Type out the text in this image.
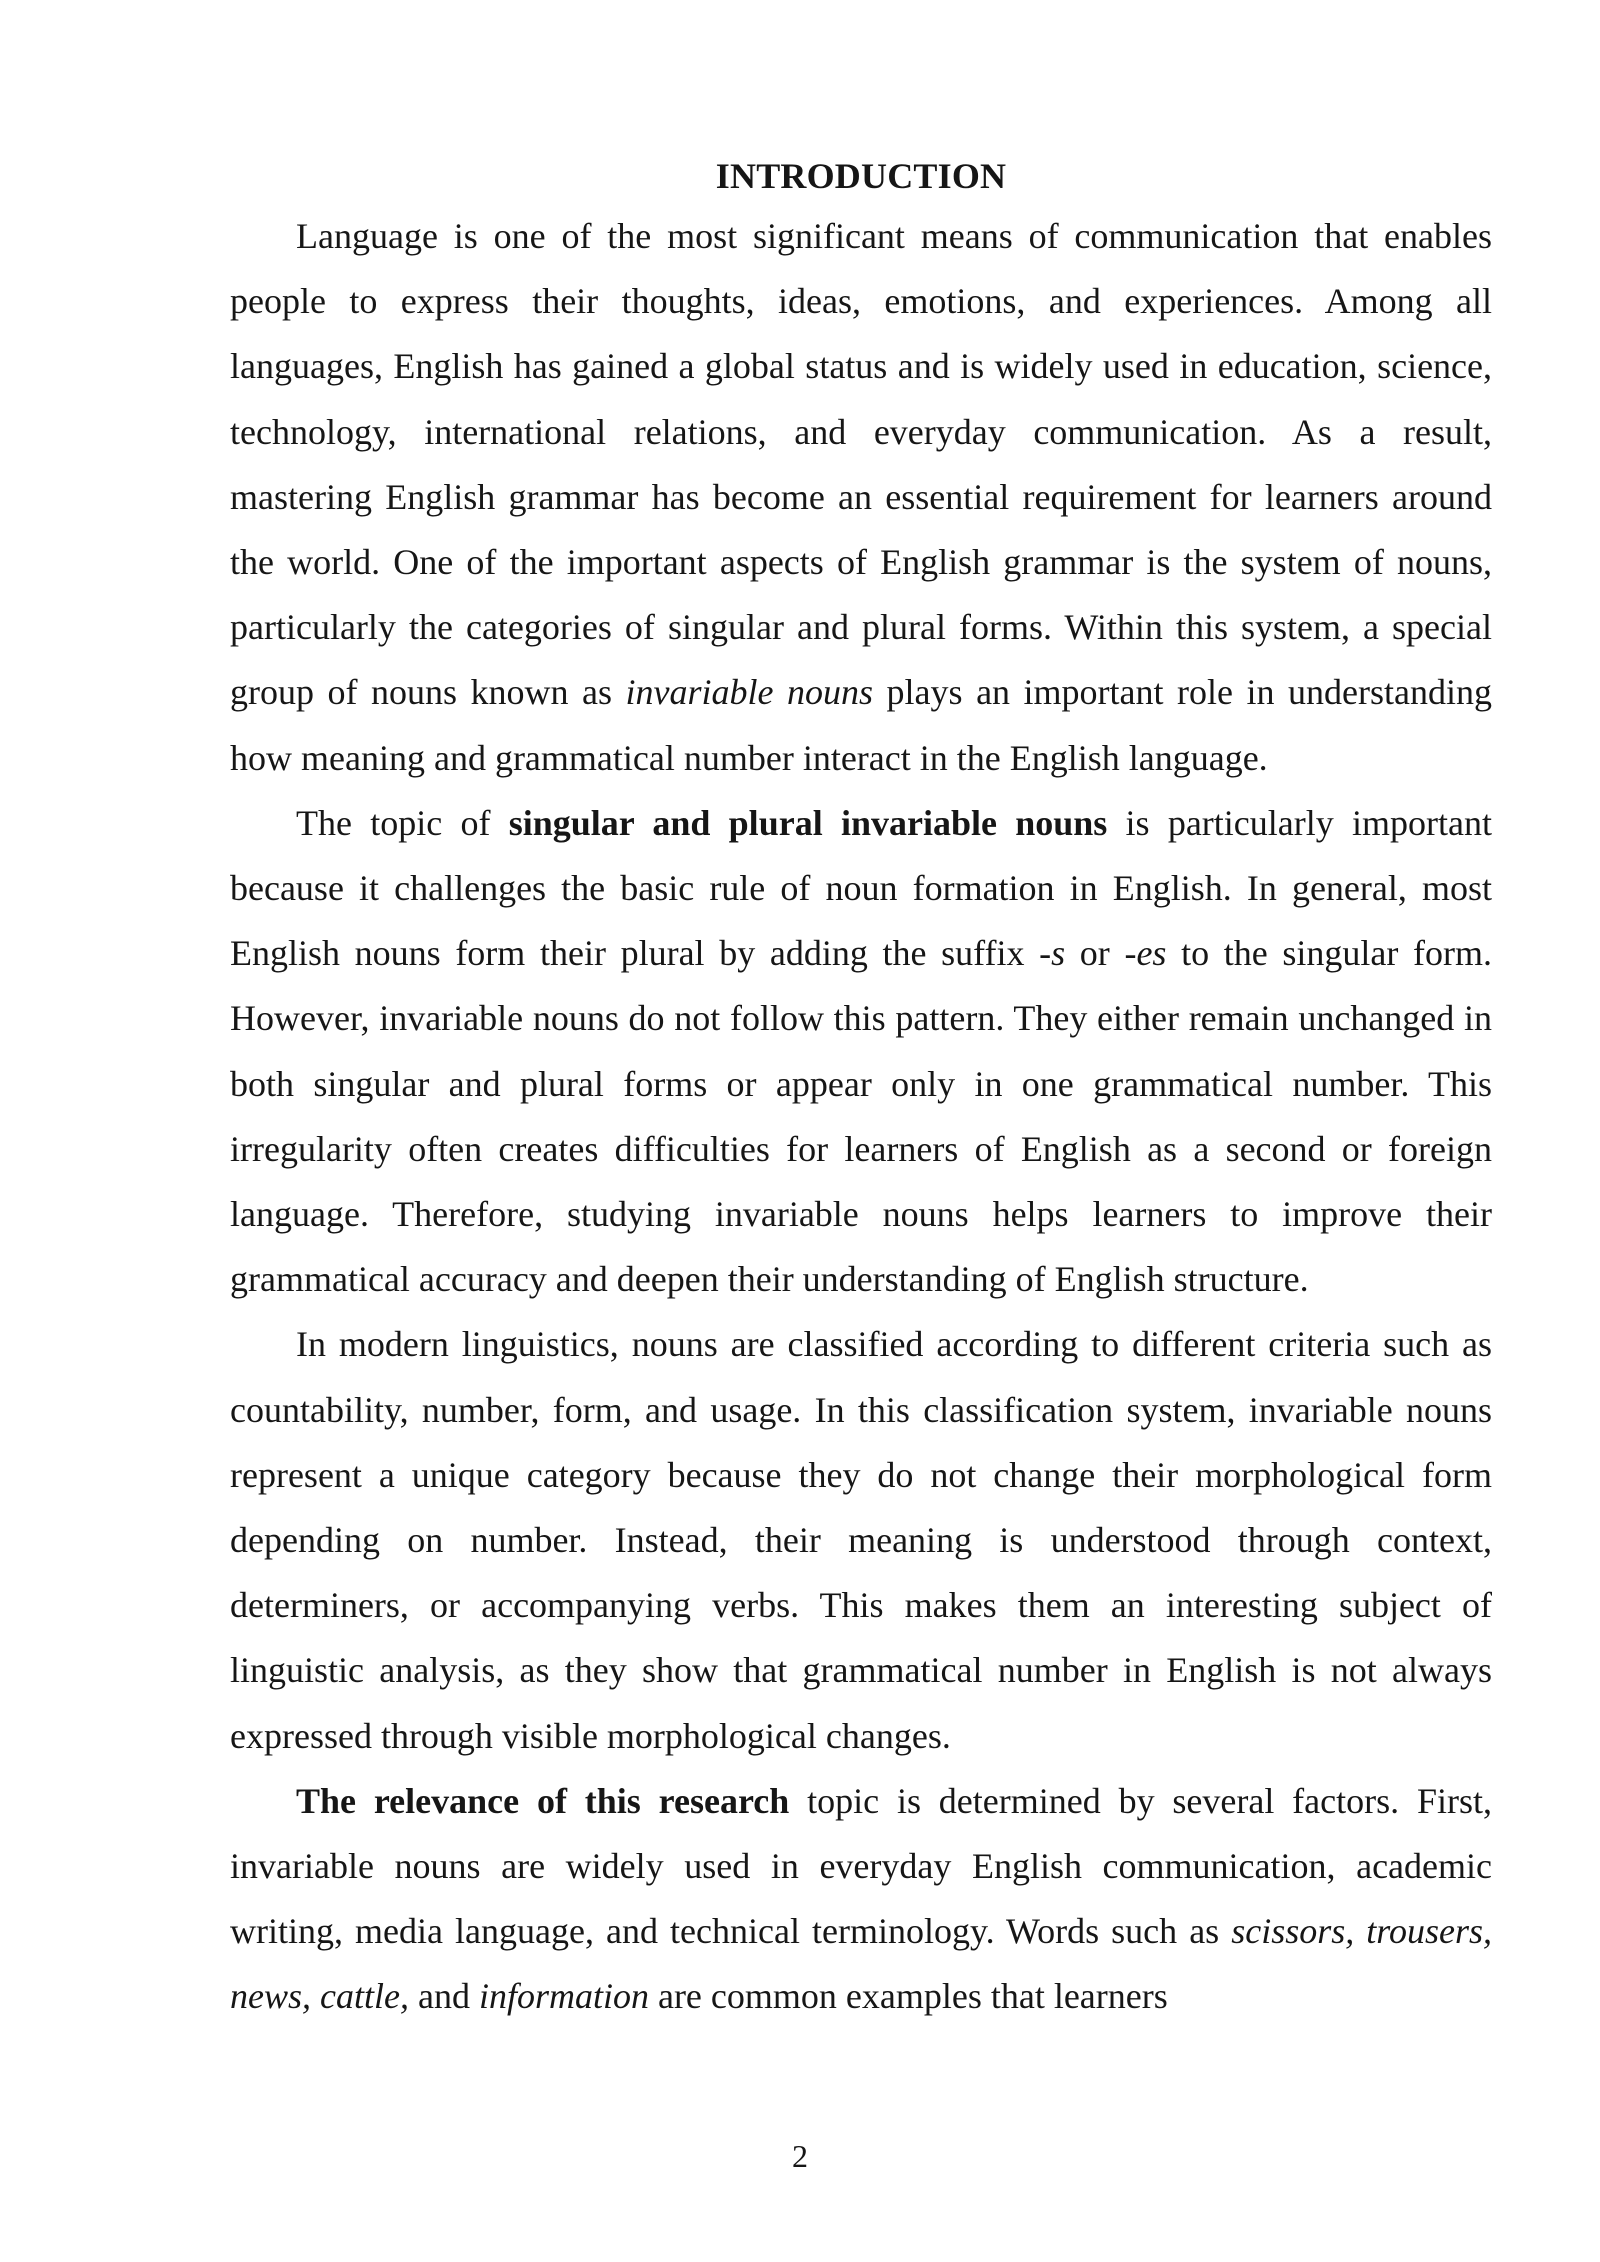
INTRODUCTION

Language is one of the most significant means of communication that enables people to express their thoughts, ideas, emotions, and experiences. Among all languages, English has gained a global status and is widely used in education, science, technology, international relations, and everyday communication. As a result, mastering English grammar has become an essential requirement for learners around the world. One of the important aspects of English grammar is the system of nouns, particularly the categories of singular and plural forms. Within this system, a special group of nouns known as invariable nouns plays an important role in understanding how meaning and grammatical number interact in the English language.

The topic of singular and plural invariable nouns is particularly important because it challenges the basic rule of noun formation in English. In general, most English nouns form their plural by adding the suffix -s or -es to the singular form. However, invariable nouns do not follow this pattern. They either remain unchanged in both singular and plural forms or appear only in one grammatical number. This irregularity often creates difficulties for learners of English as a second or foreign language. Therefore, studying invariable nouns helps learners to improve their grammatical accuracy and deepen their understanding of English structure.

In modern linguistics, nouns are classified according to different criteria such as countability, number, form, and usage. In this classification system, invariable nouns represent a unique category because they do not change their morphological form depending on number. Instead, their meaning is understood through context, determiners, or accompanying verbs. This makes them an interesting subject of linguistic analysis, as they show that grammatical number in English is not always expressed through visible morphological changes.

The relevance of this research topic is determined by several factors. First, invariable nouns are widely used in everyday English communication, academic writing, media language, and technical terminology. Words such as scissors, trousers, news, cattle, and information are common examples that learners

2
